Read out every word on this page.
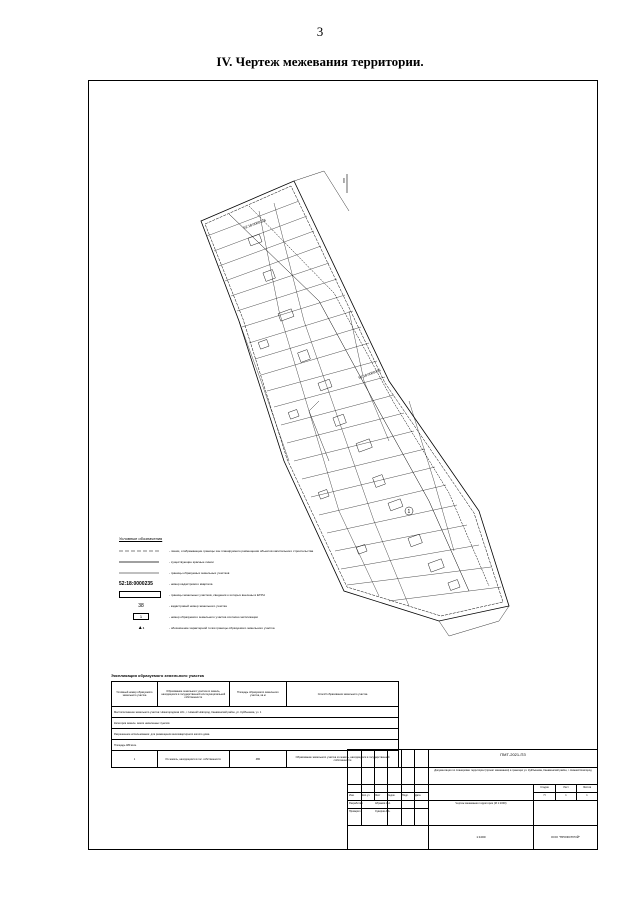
3
IV. Чертеж межевания территории.
I
52:18:0060228
52:18:0000235
1
Условные обозначения
- линии, отображающие границы зон планируемого размещения объектов капитального строительства
- существующие красные линии
- границы образуемых земельных участков
52:18:0000235	- номер кадастрового квартала
- границы земельных участков, сведения о которых внесены в ЕГРН
38	- кадастровый номер земельного участка
1	- номер образуемого земельного участка согласно экспликации
▲ 1	- обозначение характерной точки границы образуемого земельного участка
Экспликация образуемого земельного участка
Условный номер образуемого земельного участка	Образование земельного участка из земель, находящихся в государственной или муниципальной собственности	Площадь образуемого земельного участка, кв.м	Способ образования земельного участка
Местоположение земельного участка: Нижегородская обл., г. Нижний Новгород, Канавинский район, ул. Куйбышева, уч. 1			
Категория земель: земли населенных пунктов			
Разрешенное использование: для размещения многоквартирного жилого дома			
Площадь 480 кв.м.			
1	Из земель, находящихся в гос. собственности	480	Образование земельного участка из земель, находящихся в государственной собственности
ПМТ-2021-ПЗ
Документация по планировке территории (проект межевания) в границах ул. Куйбышева, Канавинский район, г. Нижний Новгород
Изм.	Кол.уч	Лист	№док.	Подп.	Дата
Разработал	Абрамов А.А.
Проверил	Суворов А.А.
Стадия	Лист	Листов
П	1	1
Чертеж межевания территории (М 1:1000)
1:1000	ООО "ПРОФСТРОЙ"
